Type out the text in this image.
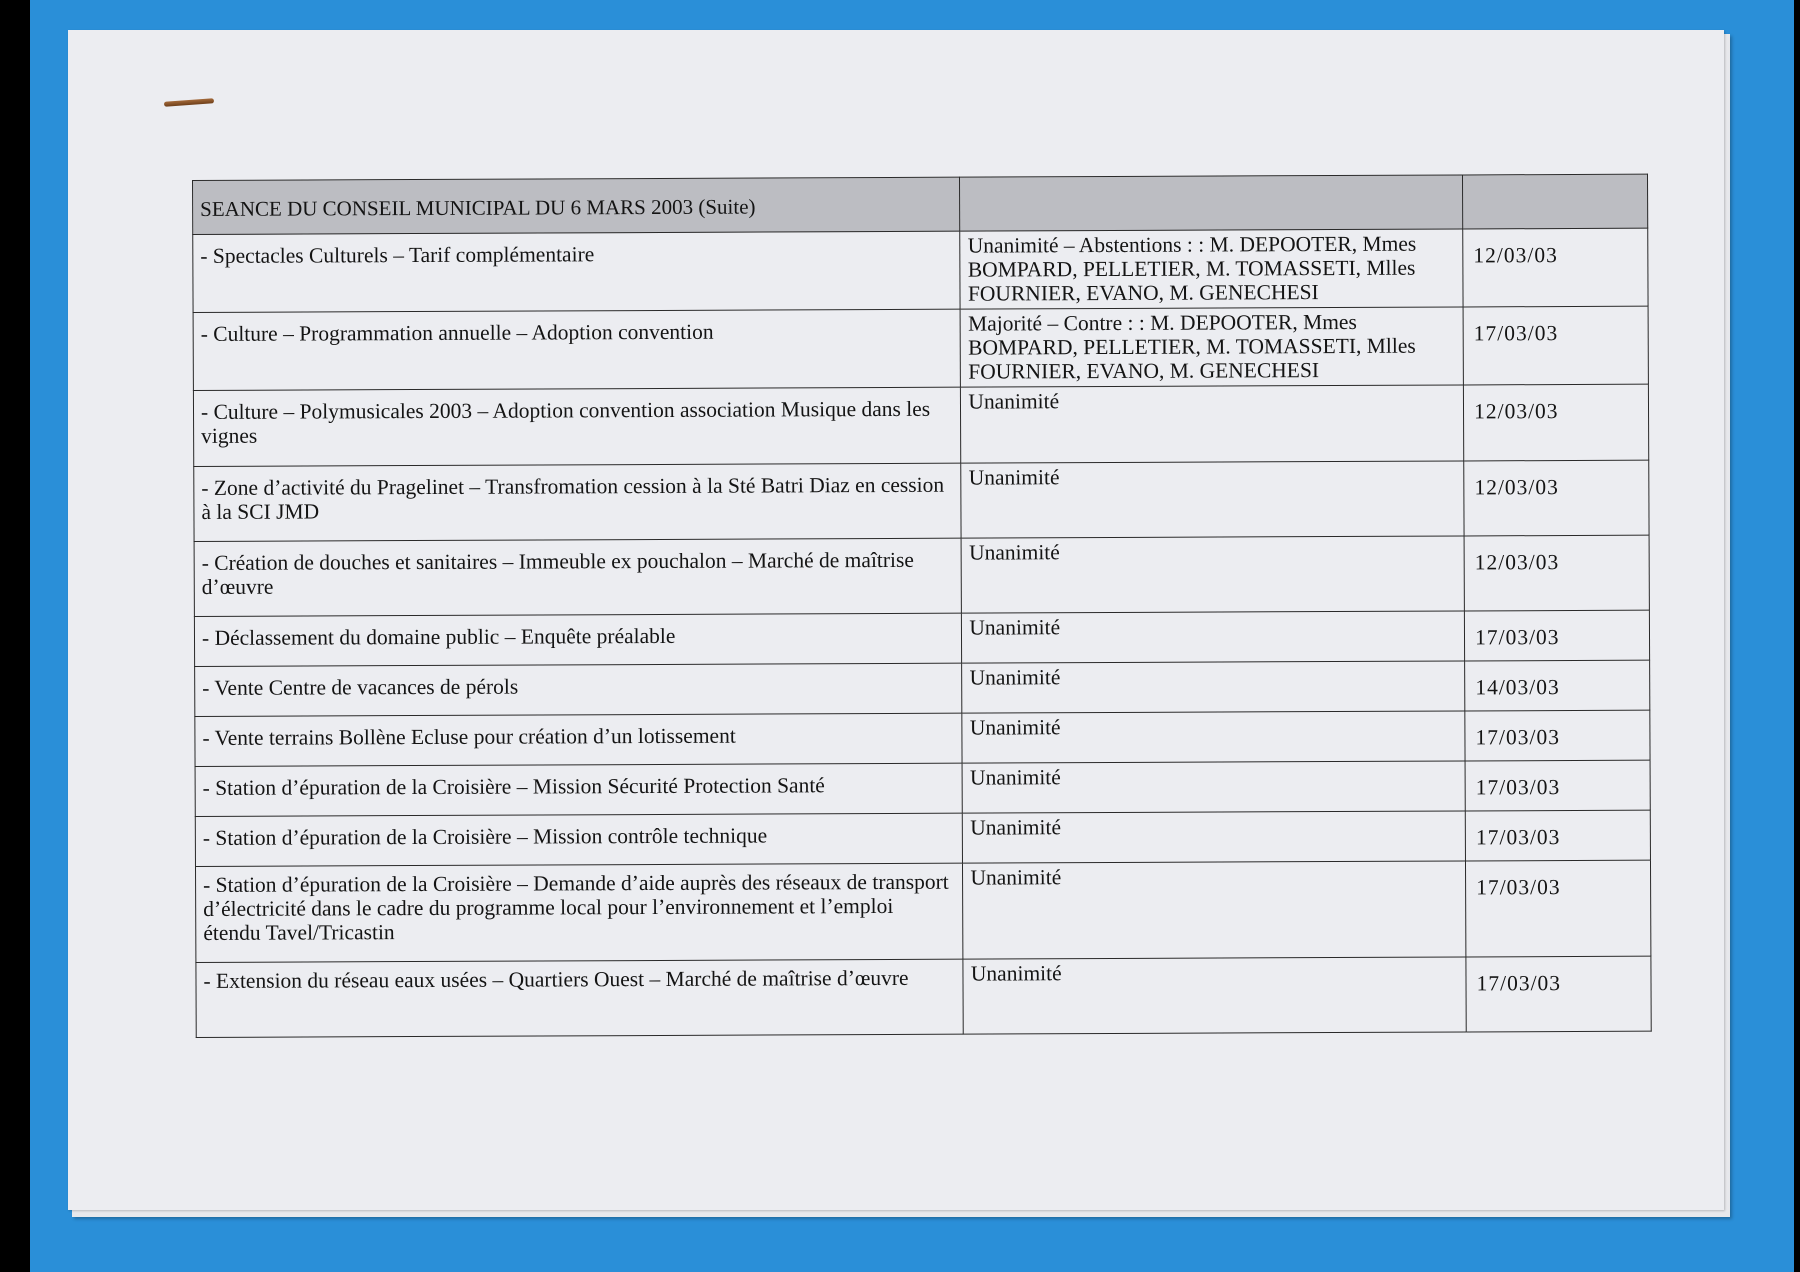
SEANCE DU CONSEIL MUNICIPAL DU 6 MARS 2003 (Suite)		
- Spectacles Culturels – Tarif complémentaire	Unanimité – Abstentions : : M. DEPOOTER, Mmes BOMPARD, PELLETIER, M. TOMASSETI, Mlles FOURNIER, EVANO, M. GENECHESI	12/03/03
- Culture – Programmation annuelle – Adoption convention	Majorité – Contre : : M. DEPOOTER, Mmes BOMPARD, PELLETIER, M. TOMASSETI, Mlles FOURNIER, EVANO, M. GENECHESI	17/03/03
- Culture – Polymusicales 2003 – Adoption convention association Musique dans les vignes	Unanimité	12/03/03
- Zone d’activité du Pragelinet – Transfromation cession à la Sté Batri Diaz en cession à la SCI JMD	Unanimité	12/03/03
- Création de douches et sanitaires – Immeuble ex pouchalon – Marché de maîtrise d’œuvre	Unanimité	12/03/03
- Déclassement du domaine public – Enquête préalable	Unanimité	17/03/03
- Vente Centre de vacances de pérols	Unanimité	14/03/03
- Vente terrains Bollène Ecluse pour création d’un lotissement	Unanimité	17/03/03
- Station d’épuration de la Croisière – Mission Sécurité Protection Santé	Unanimité	17/03/03
- Station d’épuration de la Croisière – Mission contrôle technique	Unanimité	17/03/03
- Station d’épuration de la Croisière – Demande d’aide auprès des réseaux de transport d’électricité dans le cadre du programme local pour l’environnement et l’emploi étendu Tavel/Tricastin	Unanimité	17/03/03
- Extension du réseau eaux usées – Quartiers Ouest – Marché de maîtrise d’œuvre	Unanimité	17/03/03
